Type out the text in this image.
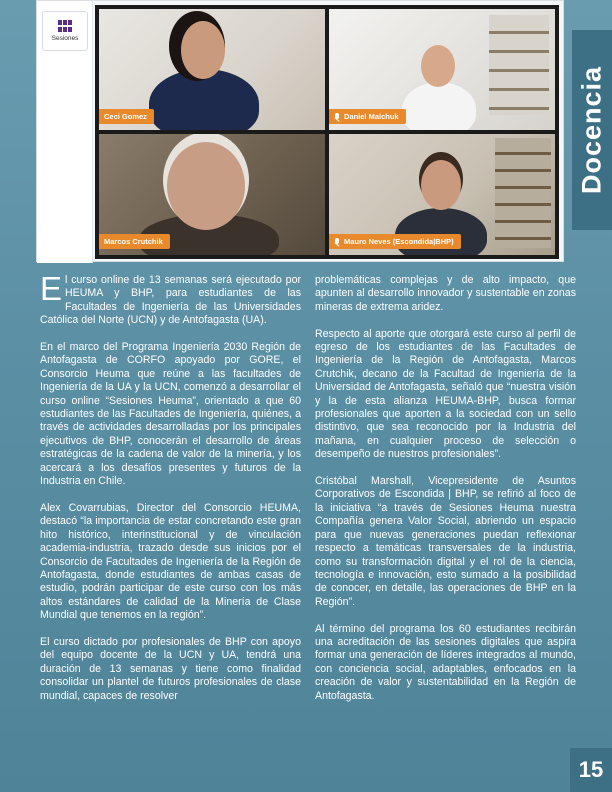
Docencia
Sesiones
Ceci Gomez	Daniel Malchuk
Marcos Crutchik	Mauro Neves (Escondida|BHP)

El curso online de 13 semanas será ejecutado por HEUMA y BHP, para estudiantes de las Facultades de Ingeniería de las Universidades Católica del Norte (UCN) y de Antofagasta (UA).

En el marco del Programa Ingeniería 2030 Región de Antofagasta de CORFO apoyado por GORE, el Consorcio Heuma que reúne a las facultades de Ingeniería de la UA y la UCN, comenzó a desarrollar el curso online “Sesiones Heuma”, orientado a que 60 estudiantes de las Facultades de Ingeniería, quiénes, a través de actividades desarrolladas por los principales ejecutivos de BHP, conocerán el desarrollo de áreas estratégicas de la cadena de valor de la minería, y los acercará a los desafíos presentes y futuros de la Industria en Chile.

Alex Covarrubias, Director del Consorcio HEUMA, destacó “la importancia de estar concretando este gran hito histórico, interinstitucional y de vinculación academia-industria, trazado desde sus inicios por el Consorcio de Facultades de Ingeniería de la Región de Antofagasta, donde estudiantes de ambas casas de estudio, podrán participar de este curso con los más altos estándares de calidad de la Minería de Clase Mundial que tenemos en la región”.

El curso dictado por profesionales de BHP con apoyo del equipo docente de la UCN y UA, tendrá una duración de 13 semanas y tiene como finalidad consolidar un plantel de futuros profesionales de clase mundial, capaces de resolver

problemáticas complejas y de alto impacto, que apunten al desarrollo innovador y sustentable en zonas mineras de extrema aridez.

Respecto al aporte que otorgará este curso al perfil de egreso de los estudiantes de las Facultades de Ingeniería de la Región de Antofagasta, Marcos Crutchik, decano de la Facultad de Ingeniería de la Universidad de Antofagasta, señaló que “nuestra visión y la de esta alianza HEUMA-BHP, busca formar profesionales que aporten a la sociedad con un sello distintivo, que sea reconocido por la Industria del mañana, en cualquier proceso de selección o desempeño de nuestros profesionales”.

Cristóbal Marshall, Vicepresidente de Asuntos Corporativos de Escondida | BHP, se refirió al foco de la iniciativa “a través de Sesiones Heuma nuestra Compañía genera Valor Social, abriendo un espacio para que nuevas generaciones puedan reflexionar respecto a temáticas transversales de la industria, como su transformación digital y el rol de la ciencia, tecnología e innovación, esto sumado a la posibilidad de conocer, en detalle, las operaciones de BHP en la Región”.

Al término del programa los 60 estudiantes recibirán una acreditación de las sesiones digitales que aspira formar una generación de líderes integrados al mundo, con conciencia social, adaptables, enfocados en la creación de valor y sustentabilidad en la Región de Antofagasta.

15
